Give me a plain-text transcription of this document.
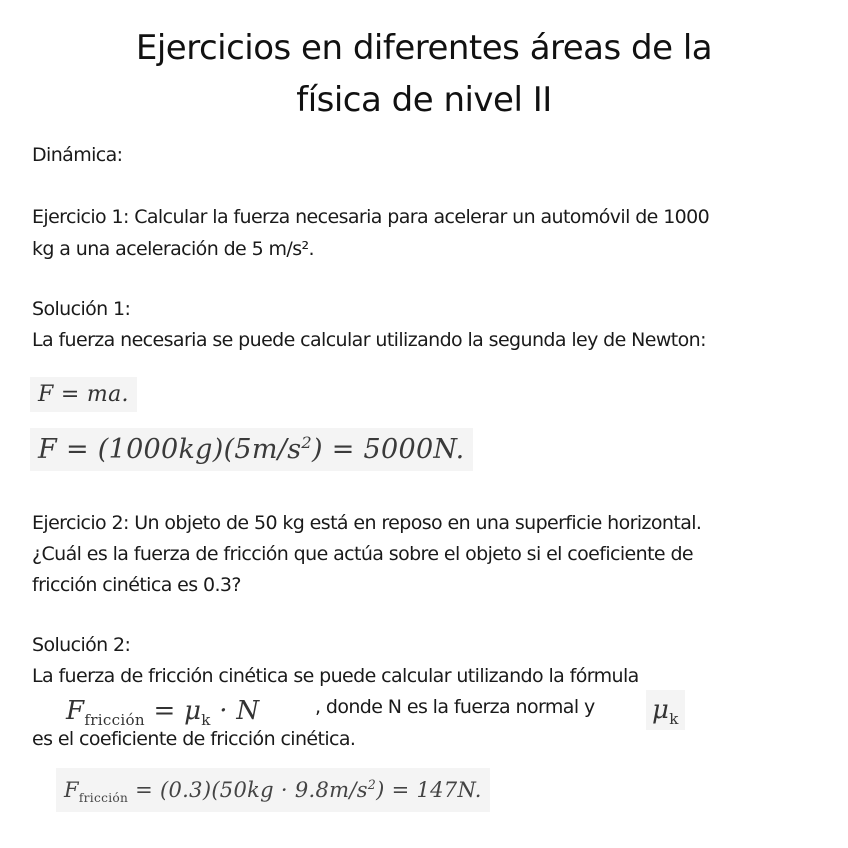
Ejercicios en diferentes áreas de la
física de nivel II
Dinámica:
Ejercicio 1: Calcular la fuerza necesaria para acelerar un automóvil de 1000
kg a una aceleración de 5 m/s².
Solución 1:
La fuerza necesaria se puede calcular utilizando la segunda ley de Newton:
F = ma.
$F = (1000kg)(5m/s^2) = 5000N$.
Ejercicio 2: Un objeto de 50 kg está en reposo en una superficie horizontal.
¿Cuál es la fuerza de fricción que actúa sobre el objeto si el coeficiente de
fricción cinética es 0.3?
Solución 2:
La fuerza de fricción cinética se puede calcular utilizando la fórmula
$F_{fricción} = \mu_k \cdot N$	, donde N es la fuerza normal y $\mu_k$
es el coeficiente de fricción cinética.
$F_{fricción} = (0.3)(50kg \cdot 9.8m/s^2) = 147N$.
